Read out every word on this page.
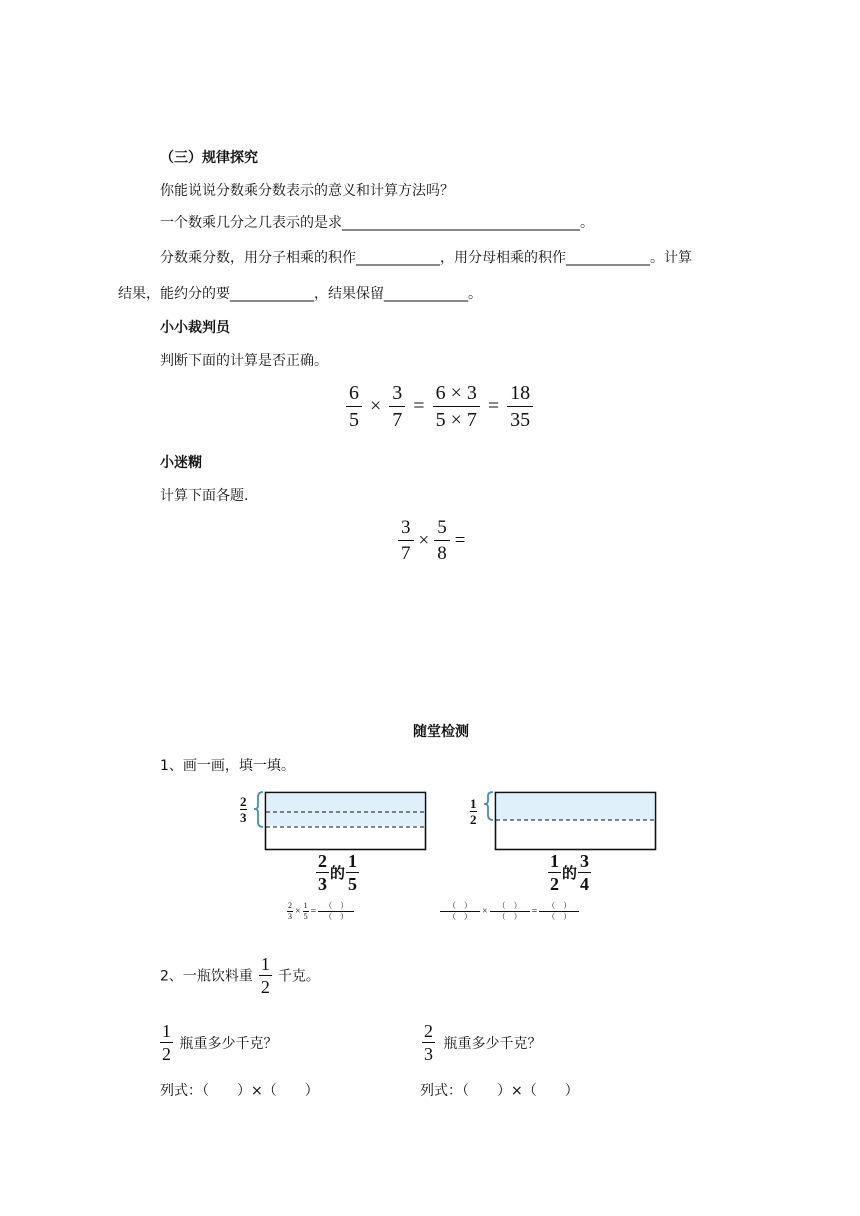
（三）规律探究
你能说说分数乘分数表示的意义和计算方法吗？
一个数乘几分之几表示的是求__________________________________。
分数乘分数，用分子相乘的积作____________，用分母相乘的积作____________。计算
结果，能约分的要____________，结果保留____________。
小小裁判员
判断下面的计算是否正确。
$\frac{6}{5} \times \frac{3}{7} = \frac{6 \times 3}{5 \times 7} = \frac{18}{35}$
小迷糊
计算下面各题.
$\frac{3}{7} \times \frac{5}{8}$ =
随堂检测
1、画一画，填一填。
$\frac{2}{3}$
$\frac{2}{3}$ 的 $\frac{1}{5}$
$\frac{2}{3} \times \frac{1}{5} = \frac{( )}{( )}$
$\frac{1}{2}$
$\frac{1}{2}$ 的 $\frac{3}{4}$
$\frac{( )}{( )} \times \frac{( )}{( )} = \frac{( )}{( )}$
2、一瓶饮料重 $\frac{1}{2}$ 千克。
$\frac{1}{2}$ 瓶重多少千克？	$\frac{2}{3}$ 瓶重多少千克？
列式：（　　）×（　　）	列式：（　　）×（　　）
